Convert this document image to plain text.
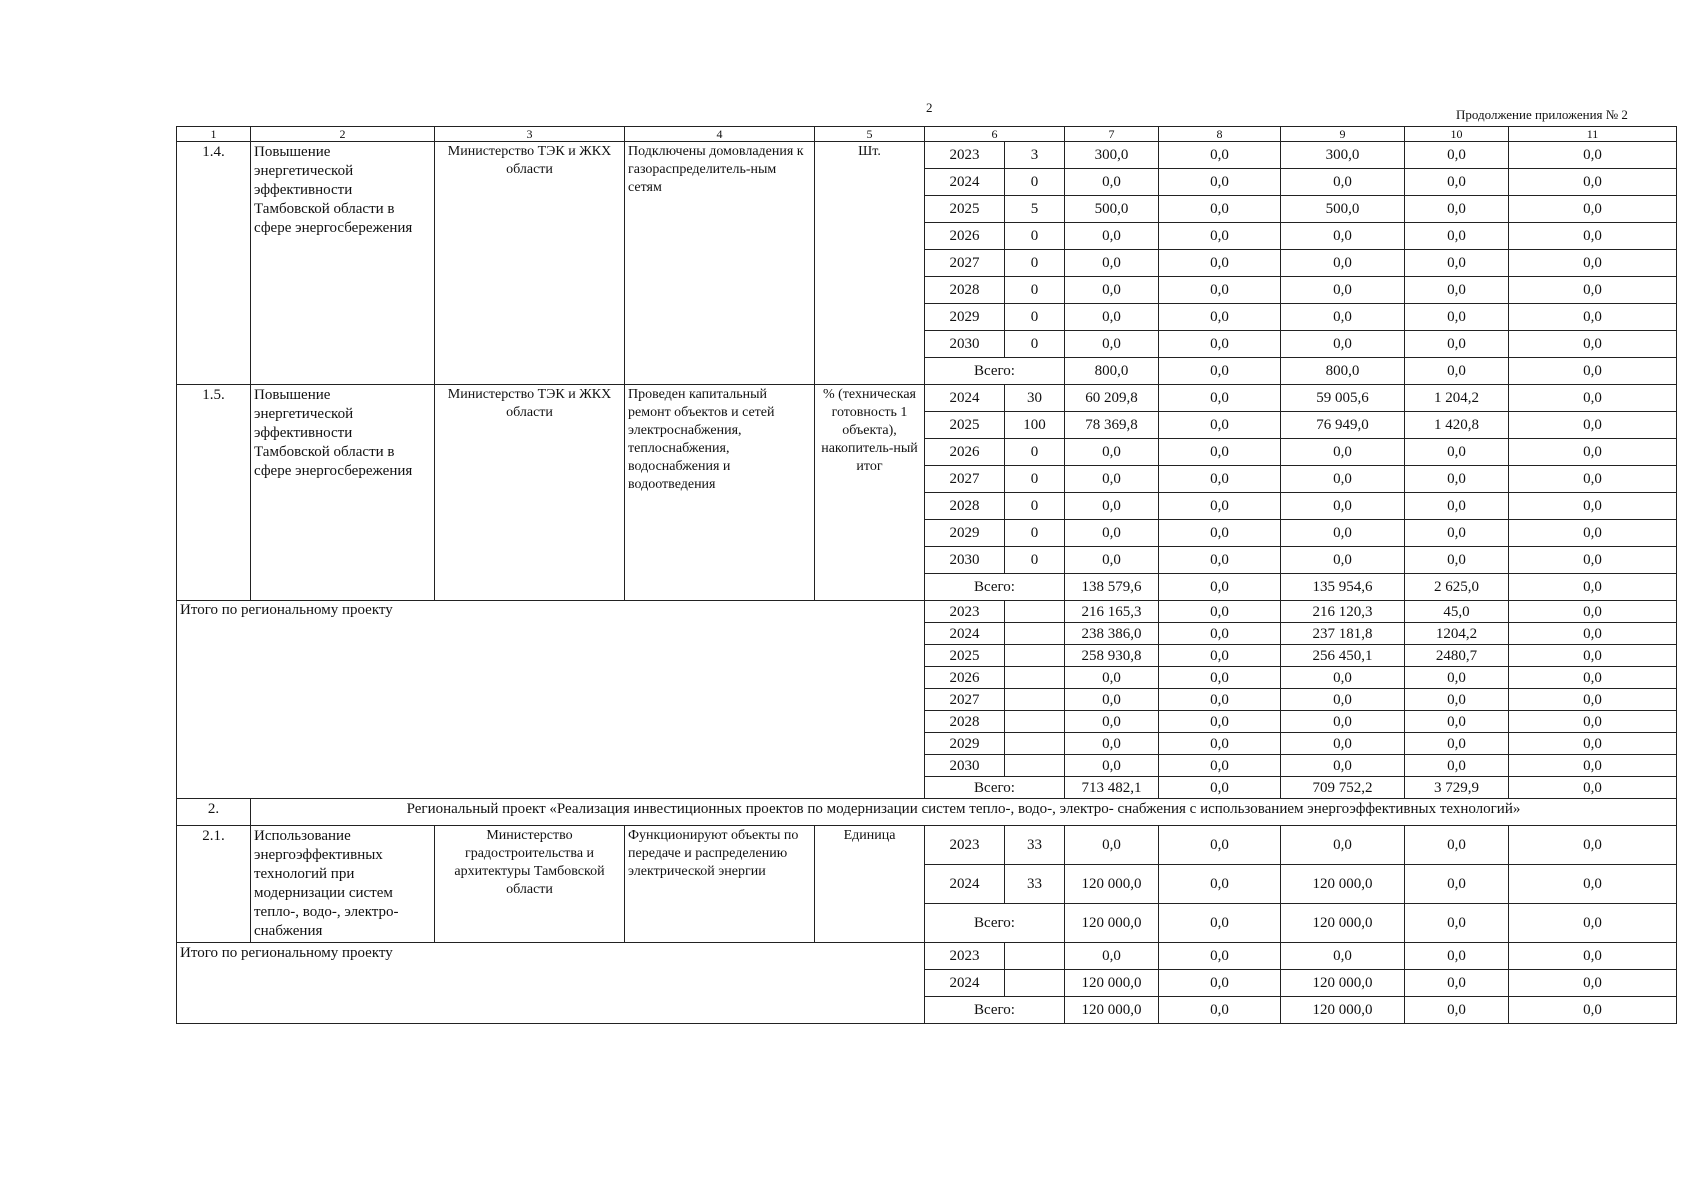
2	Продолжение приложения № 2
1	2	3	4	5	6		7	8	9	10	11
1.4.	Повышение энергетической эффективности Тамбовской области в сфере энергосбережения	Министерство ТЭК и ЖКХ области	Подключены домовладения к газораспределитель-ным сетям	Шт.	2023	3	300,0	0,0	300,0	0,0	0,0
					2024	0	0,0	0,0	0,0	0,0	0,0
					2025	5	500,0	0,0	500,0	0,0	0,0
					2026	0	0,0	0,0	0,0	0,0	0,0
					2027	0	0,0	0,0	0,0	0,0	0,0
					2028	0	0,0	0,0	0,0	0,0	0,0
					2029	0	0,0	0,0	0,0	0,0	0,0
					2030	0	0,0	0,0	0,0	0,0	0,0
					Всего:		800,0	0,0	800,0	0,0	0,0
1.5.	Повышение энергетической эффективности Тамбовской области в сфере энергосбережения	Министерство ТЭК и ЖКХ области	Проведен капитальный ремонт объектов и сетей электроснабжения, теплоснабжения, водоснабжения и водоотведения	% (техническая готовность 1 объекта), накопитель-ный итог	2024	30	60 209,8	0,0	59 005,6	1 204,2	0,0
					2025	100	78 369,8	0,0	76 949,0	1 420,8	0,0
					2026	0	0,0	0,0	0,0	0,0	0,0
					2027	0	0,0	0,0	0,0	0,0	0,0
					2028	0	0,0	0,0	0,0	0,0	0,0
					2029	0	0,0	0,0	0,0	0,0	0,0
					2030	0	0,0	0,0	0,0	0,0	0,0
					Всего:		138 579,6	0,0	135 954,6	2 625,0	0,0
Итого по региональному проекту					2023		216 165,3	0,0	216 120,3	45,0	0,0
					2024		238 386,0	0,0	237 181,8	1204,2	0,0
					2025		258 930,8	0,0	256 450,1	2480,7	0,0
					2026		0,0	0,0	0,0	0,0	0,0
					2027		0,0	0,0	0,0	0,0	0,0
					2028		0,0	0,0	0,0	0,0	0,0
					2029		0,0	0,0	0,0	0,0	0,0
					2030		0,0	0,0	0,0	0,0	0,0
					Всего:		713 482,1	0,0	709 752,2	3 729,9	0,0
2.	Региональный проект «Реализация инвестиционных проектов по модернизации систем тепло-, водо-, электро- снабжения с использованием энергоэффективных технологий»										
2.1.	Использование энергоэффективных технологий при модернизации систем тепло-, водо-, электро-снабжения	Министерство градостроительства и архитектуры Тамбовской области	Функционируют объекты по передаче и распределению электрической энергии	Единица	2023	33	0,0	0,0	0,0	0,0	0,0
					2024	33	120 000,0	0,0	120 000,0	0,0	0,0
					Всего:		120 000,0	0,0	120 000,0	0,0	0,0
Итого по региональному проекту					2023		0,0	0,0	0,0	0,0	0,0
					2024		120 000,0	0,0	120 000,0	0,0	0,0
					Всего:		120 000,0	0,0	120 000,0	0,0	0,0
